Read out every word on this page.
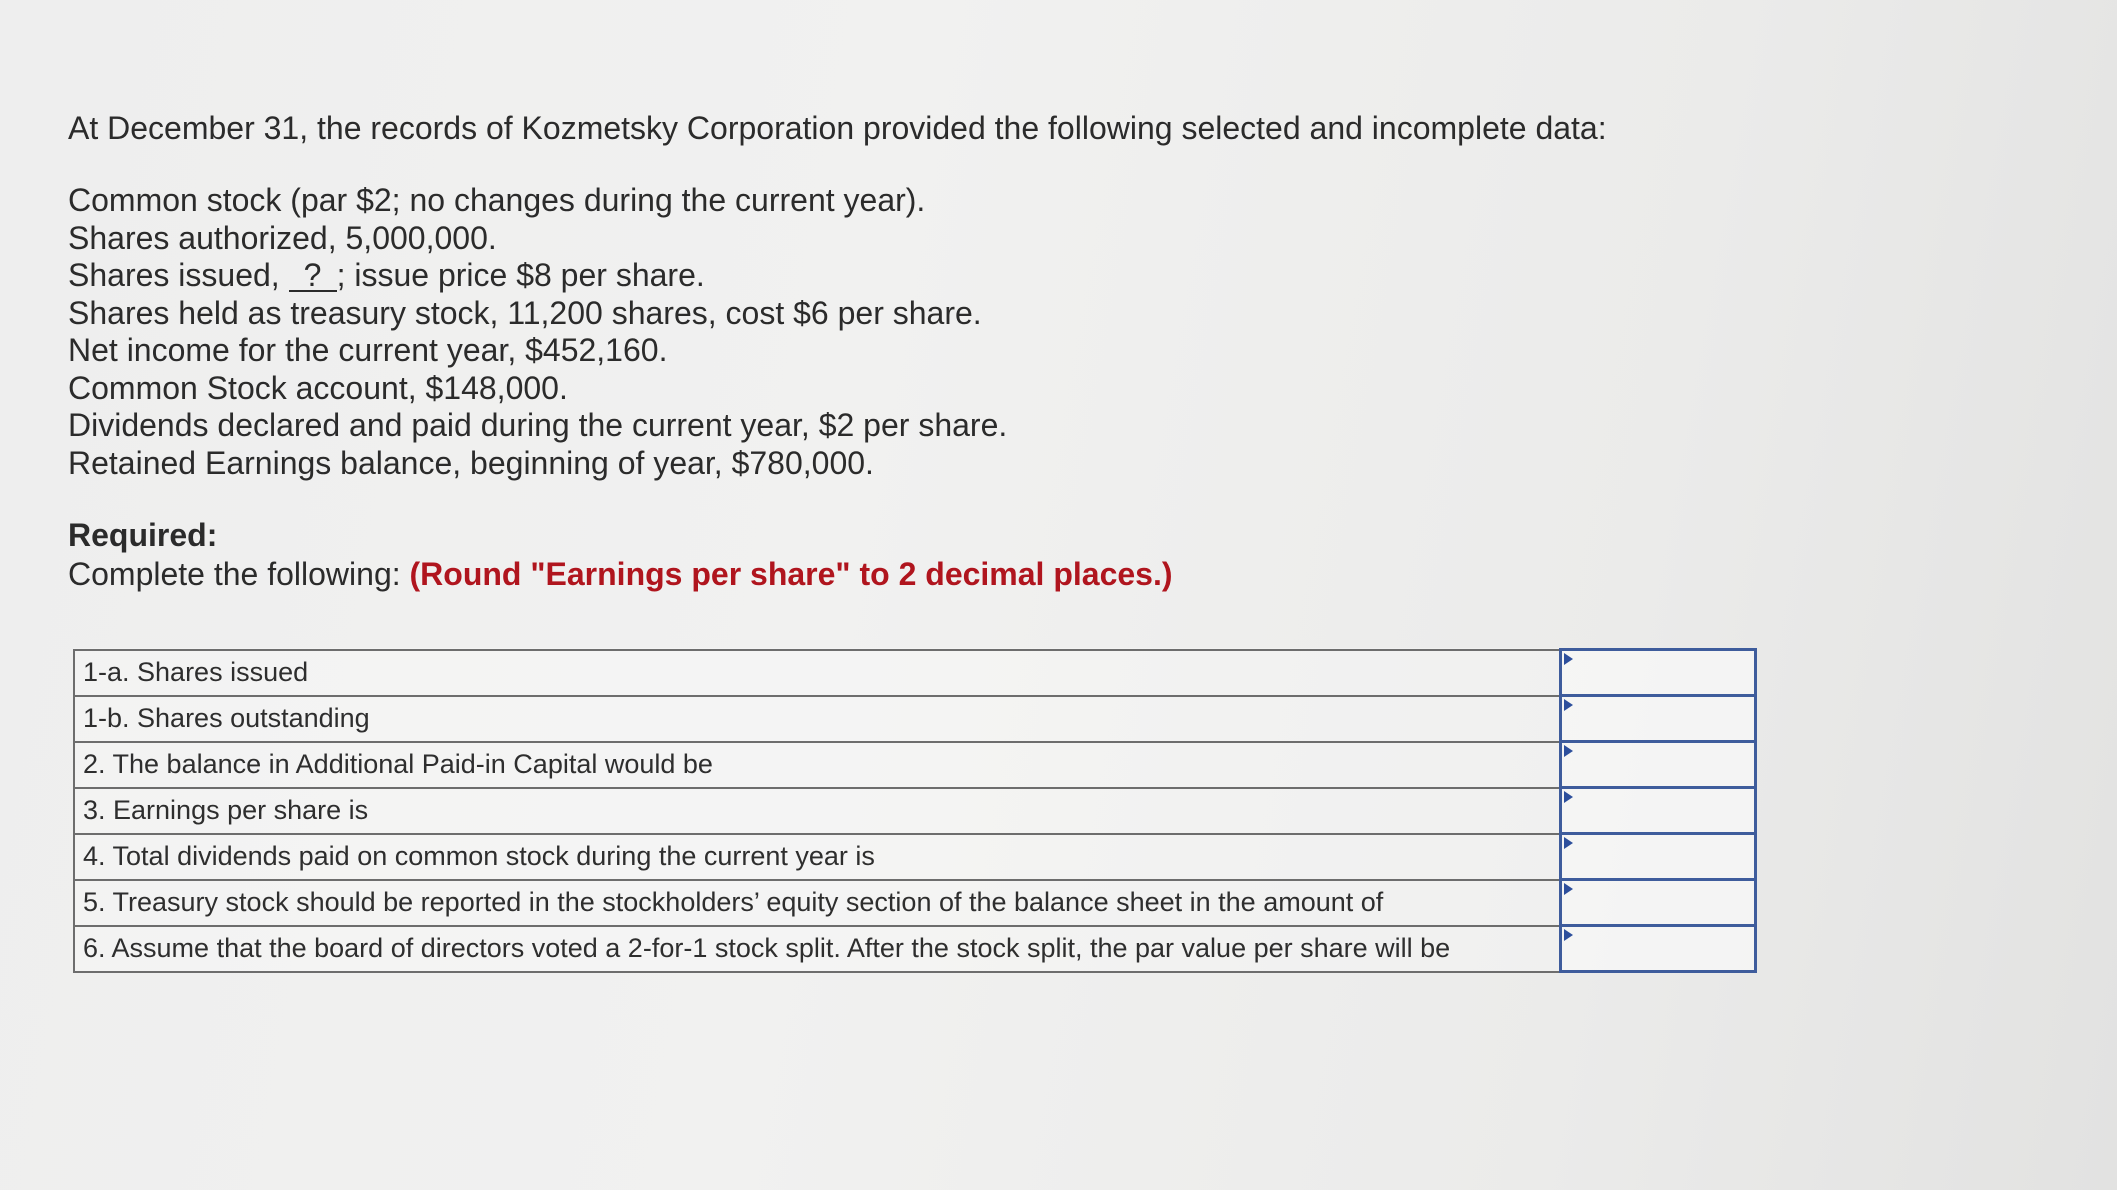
At December 31, the records of Kozmetsky Corporation provided the following selected and incomplete data:

Common stock (par $2; no changes during the current year).
Shares authorized, 5,000,000.
Shares issued, ? ; issue price $8 per share.
Shares held as treasury stock, 11,200 shares, cost $6 per share.
Net income for the current year, $452,160.
Common Stock account, $148,000.
Dividends declared and paid during the current year, $2 per share.
Retained Earnings balance, beginning of year, $780,000.
Required:
Complete the following: (Round "Earnings per share" to 2 decimal places.)
1-a. Shares issued	

1-b. Shares outstanding	

2. The balance in Additional Paid-in Capital would be	

3. Earnings per share is	

4. Total dividends paid on common stock during the current year is	

5. Treasury stock should be reported in the stockholders’ equity section of the balance sheet in the amount of	

6. Assume that the board of directors voted a 2-for-1 stock split. After the stock split, the par value per share will be	
